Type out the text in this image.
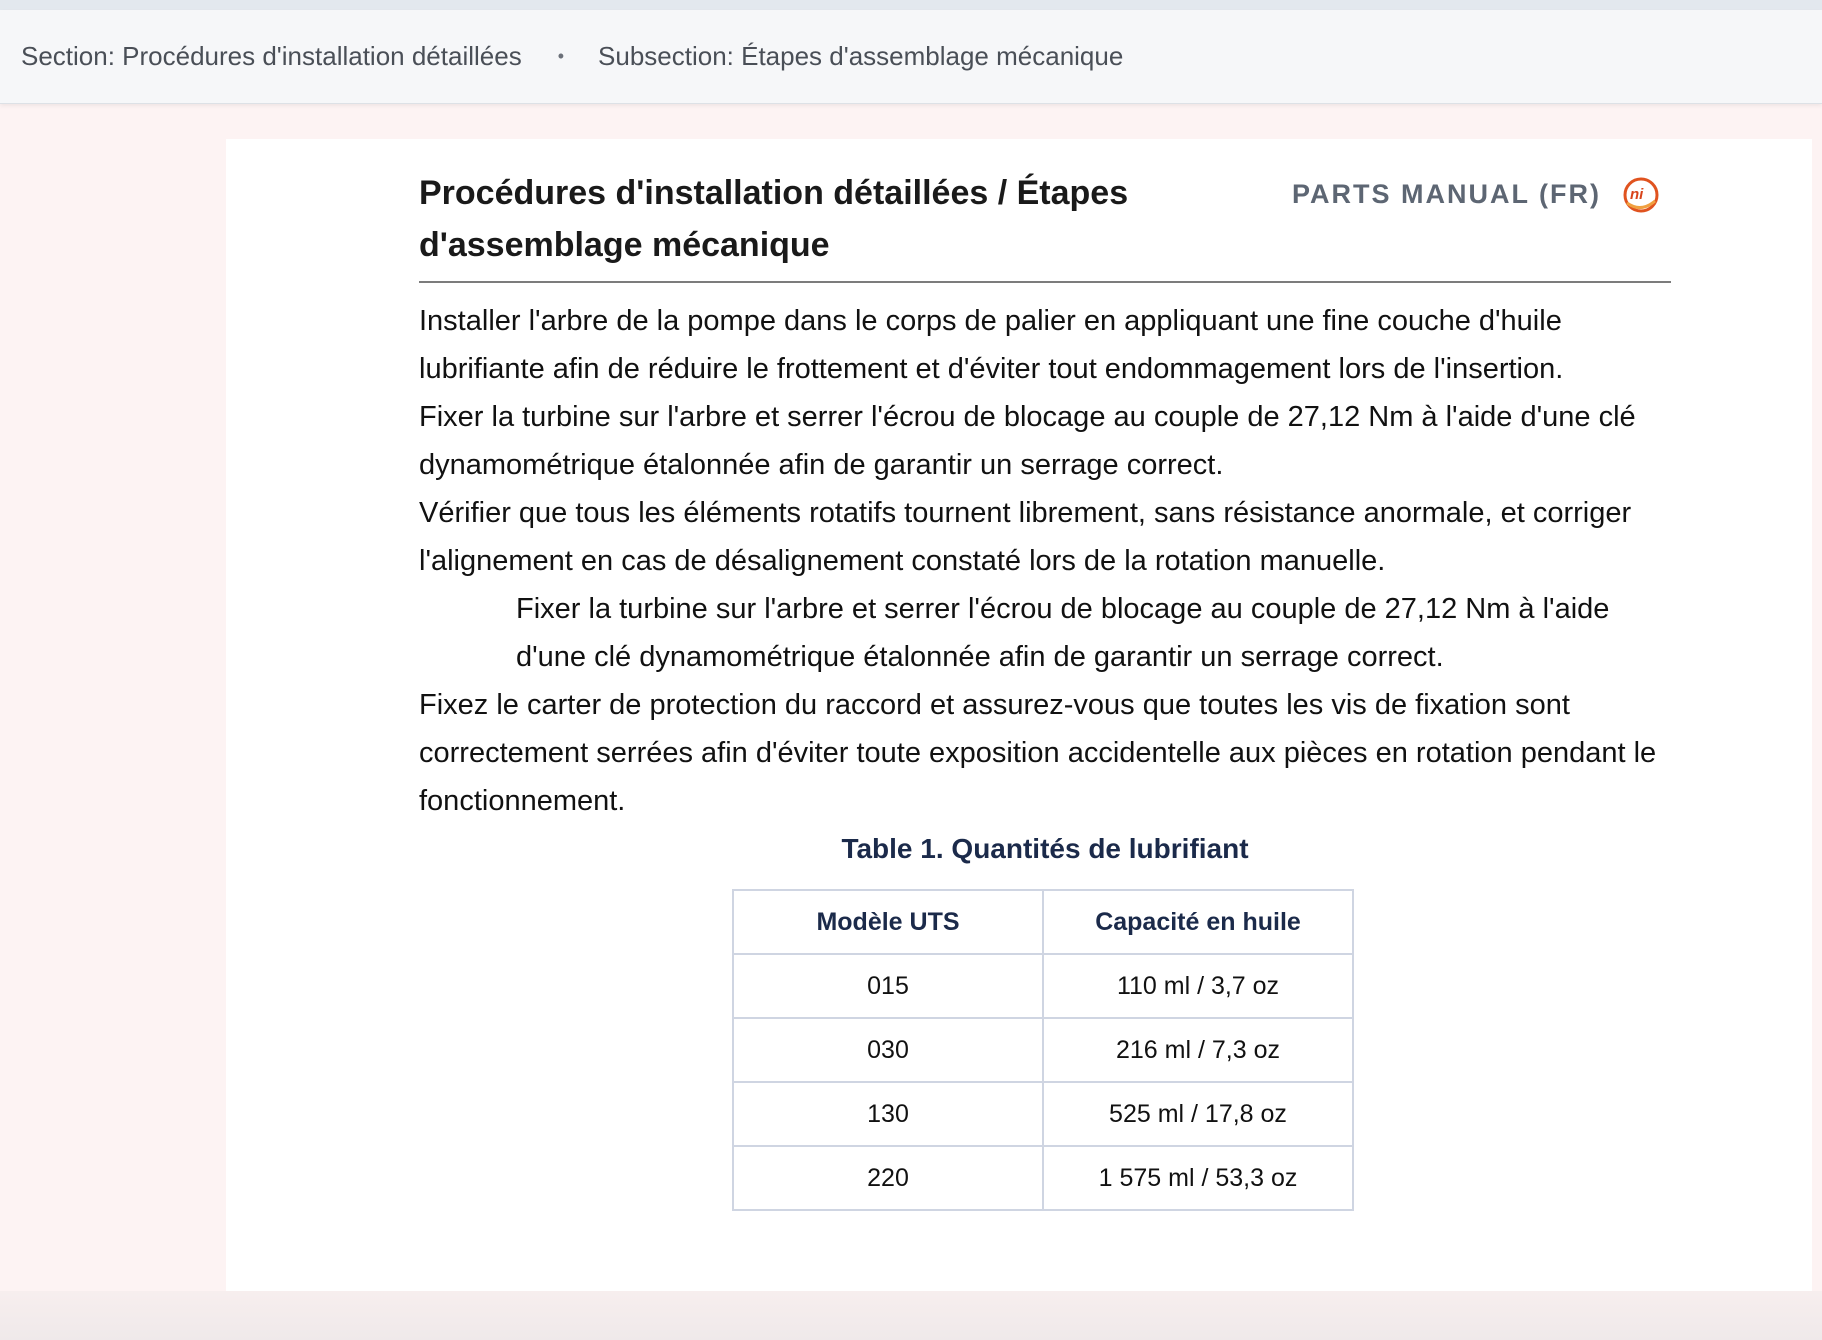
Section: Procédures d'installation détaillées • Subsection: Étapes d'assemblage mécanique
Procédures d'installation détaillées / Étapes d'assemblage mécanique
PARTS MANUAL (FR) ni

Installer l'arbre de la pompe dans le corps de palier en appliquant une fine couche d'huile lubrifiante afin de réduire le frottement et d'éviter tout endommagement lors de l'insertion.

Fixer la turbine sur l'arbre et serrer l'écrou de blocage au couple de 27,12 Nm à l'aide d'une clé dynamométrique étalonnée afin de garantir un serrage correct.

Vérifier que tous les éléments rotatifs tournent librement, sans résistance anormale, et corriger l'alignement en cas de désalignement constaté lors de la rotation manuelle.

Fixer la turbine sur l'arbre et serrer l'écrou de blocage au couple de 27,12 Nm à l'aide d'une clé dynamométrique étalonnée afin de garantir un serrage correct.

Fixez le carter de protection du raccord et assurez-vous que toutes les vis de fixation sont correctement serrées afin d'éviter toute exposition accidentelle aux pièces en rotation pendant le fonctionnement.

Table 1. Quantités de lubrifiant

Modèle UTS	Capacité en huile
015	110 ml / 3,7 oz
030	216 ml / 7,3 oz
130	525 ml / 17,8 oz
220	1 575 ml / 53,3 oz
